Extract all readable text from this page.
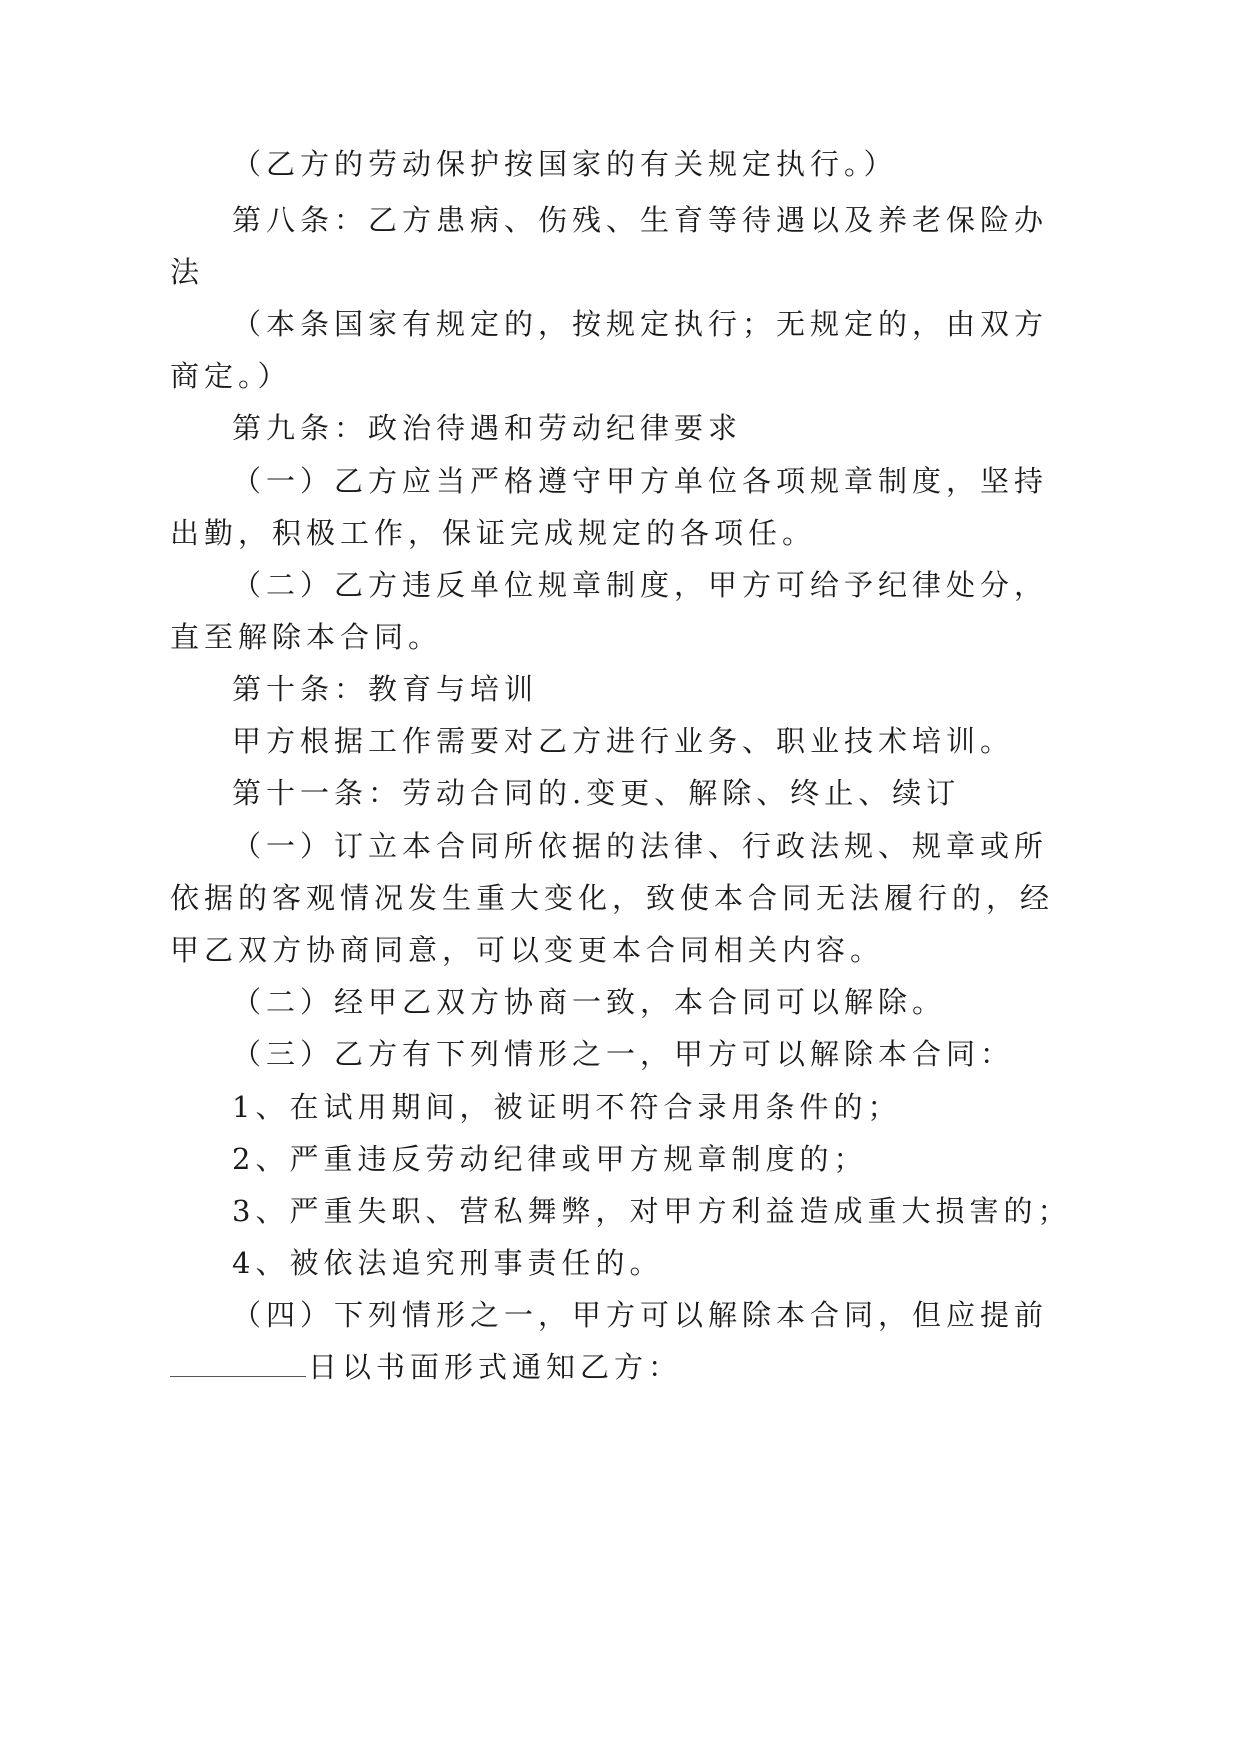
（乙方的劳动保护按国家的有关规定执行。）
第八条：乙方患病、伤残、生育等待遇以及养老保险办
法
（本条国家有规定的，按规定执行；无规定的，由双方
商定。）
第九条：政治待遇和劳动纪律要求
（一）乙方应当严格遵守甲方单位各项规章制度，坚持
出勤，积极工作，保证完成规定的各项任。
（二）乙方违反单位规章制度，甲方可给予纪律处分，
直至解除本合同。
第十条：教育与培训
甲方根据工作需要对乙方进行业务、职业技术培训。
第十一条：劳动合同的.变更、解除、终止、续订
（一）订立本合同所依据的法律、行政法规、规章或所
依据的客观情况发生重大变化，致使本合同无法履行的，经
甲乙双方协商同意，可以变更本合同相关内容。
（二）经甲乙双方协商一致，本合同可以解除。
（三）乙方有下列情形之一，甲方可以解除本合同：
1、在试用期间，被证明不符合录用条件的；
2、严重违反劳动纪律或甲方规章制度的；
3、严重失职、营私舞弊，对甲方利益造成重大损害的；
4、被依法追究刑事责任的。
（四）下列情形之一，甲方可以解除本合同，但应提前
日以书面形式通知乙方：
